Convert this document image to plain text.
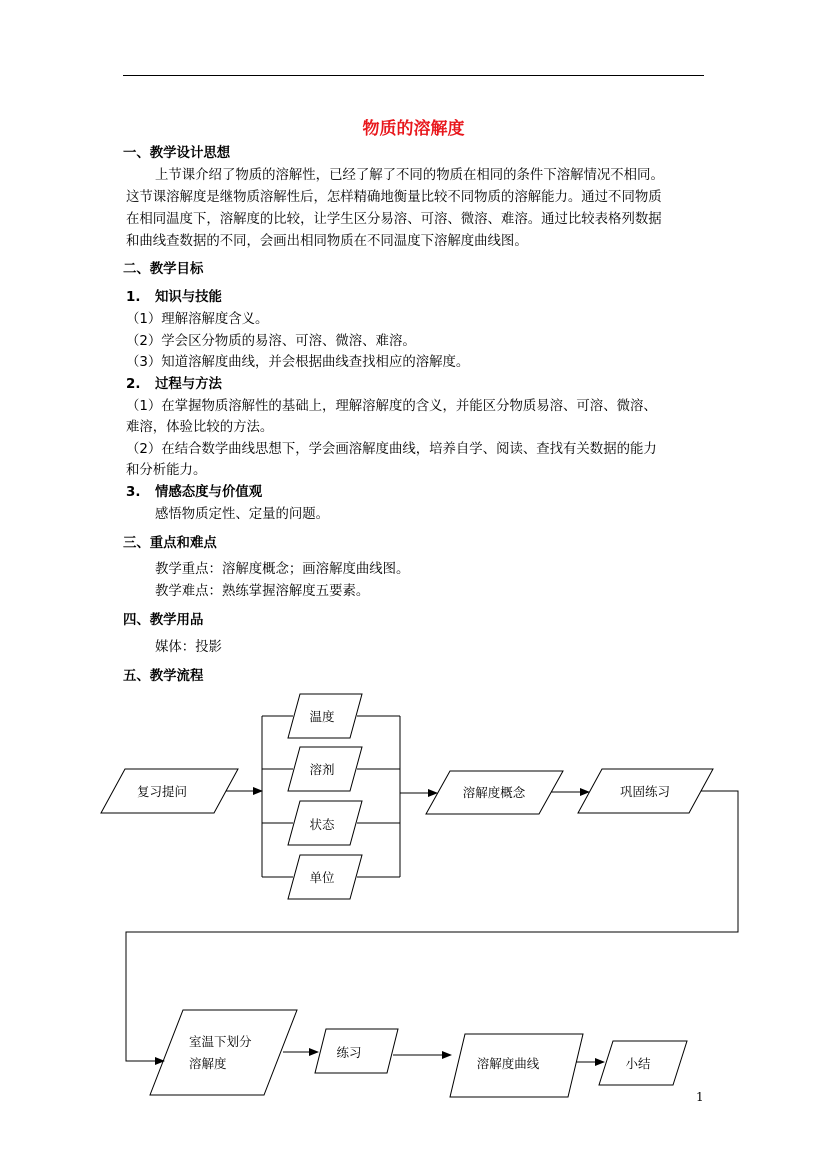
物质的溶解度
一、教学设计思想
上节课介绍了物质的溶解性，已经了解了不同的物质在相同的条件下溶解情况不相同。
这节课溶解度是继物质溶解性后，怎样精确地衡量比较不同物质的溶解能力。通过不同物质
在相同温度下，溶解度的比较，让学生区分易溶、可溶、微溶、难溶。通过比较表格列数据
和曲线查数据的不同，会画出相同物质在不同温度下溶解度曲线图。
二、教学目标
1. 知识与技能
（1）理解溶解度含义。
（2）学会区分物质的易溶、可溶、微溶、难溶。
（3）知道溶解度曲线，并会根据曲线查找相应的溶解度。
2. 过程与方法
（1）在掌握物质溶解性的基础上，理解溶解度的含义，并能区分物质易溶、可溶、微溶、
难溶，体验比较的方法。
（2）在结合数学曲线思想下，学会画溶解度曲线，培养自学、阅读、查找有关数据的能力
和分析能力。
3. 情感态度与价值观
感悟物质定性、定量的问题。
三、重点和难点
教学重点：溶解度概念；画溶解度曲线图。
教学难点：熟练掌握溶解度五要素。
四、教学用品
媒体：投影
五、教学流程
复习提问
温度
溶剂
状态
单位
溶解度概念	巩固练习
室温下划分
溶解度
练习
溶解度曲线	小结
1
